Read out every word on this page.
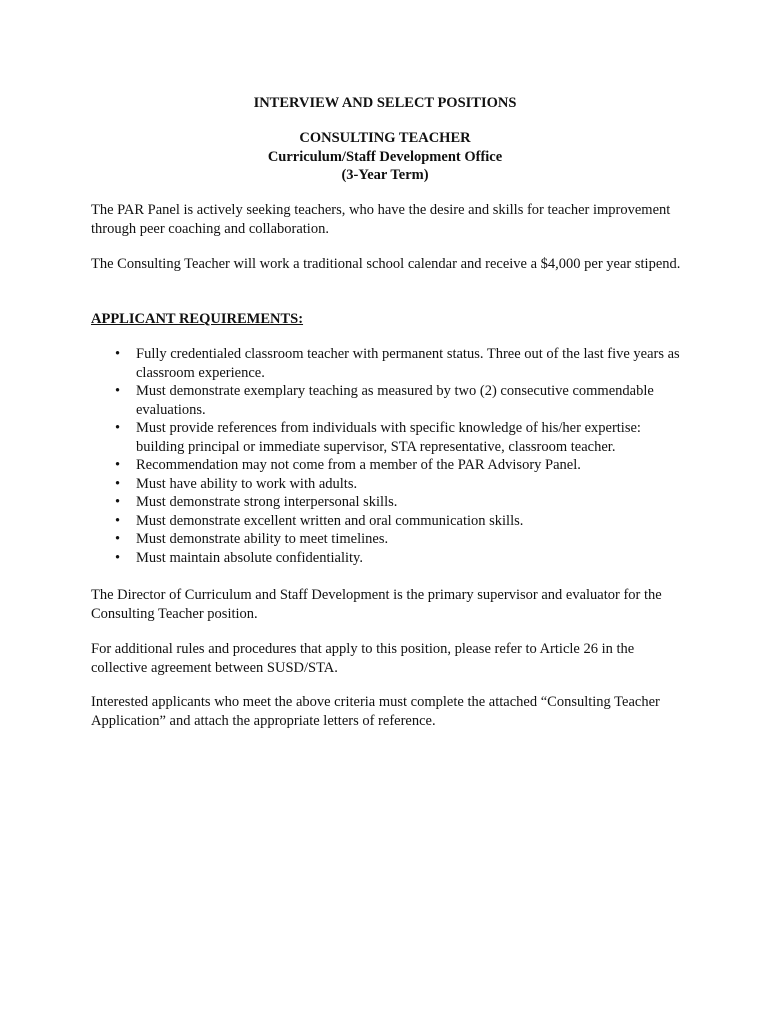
INTERVIEW AND SELECT POSITIONS
CONSULTING TEACHER
Curriculum/Staff Development Office
(3-Year Term)
The PAR Panel is actively seeking teachers, who have the desire and skills for teacher improvement through peer coaching and collaboration.
The Consulting Teacher will work a traditional school calendar and receive a $4,000 per year stipend.
APPLICANT REQUIREMENTS:
• Fully credentialed classroom teacher with permanent status. Three out of the last five years as classroom experience.
• Must demonstrate exemplary teaching as measured by two (2) consecutive commendable evaluations.
• Must provide references from individuals with specific knowledge of his/her expertise: building principal or immediate supervisor, STA representative, classroom teacher.
• Recommendation may not come from a member of the PAR Advisory Panel.
• Must have ability to work with adults.
• Must demonstrate strong interpersonal skills.
• Must demonstrate excellent written and oral communication skills.
• Must demonstrate ability to meet timelines.
• Must maintain absolute confidentiality.
The Director of Curriculum and Staff Development is the primary supervisor and evaluator for the Consulting Teacher position.
For additional rules and procedures that apply to this position, please refer to Article 26 in the collective agreement between SUSD/STA.
Interested applicants who meet the above criteria must complete the attached “Consulting Teacher Application” and attach the appropriate letters of reference.
